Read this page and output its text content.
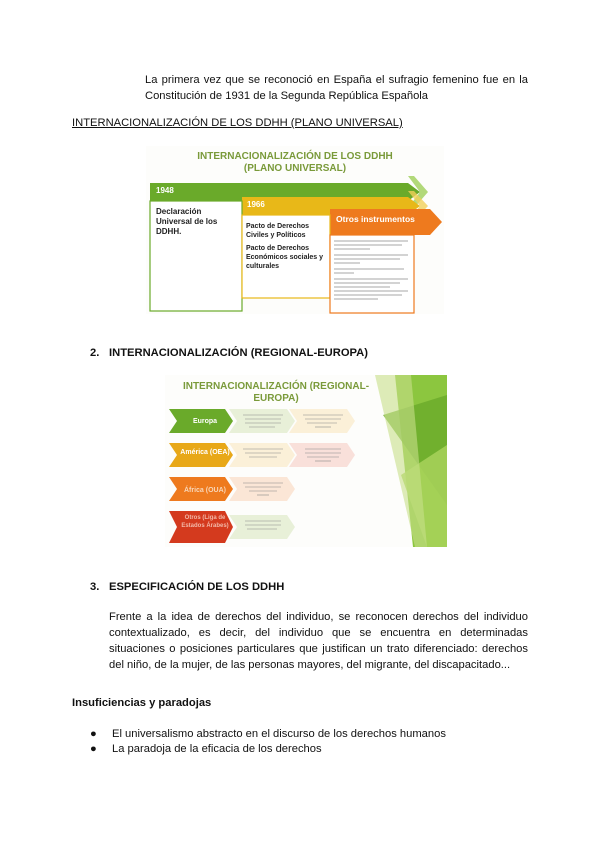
La primera vez que se reconoció en España el sufragio femenino fue en la Constitución de 1931 de la Segunda República Española
INTERNACIONALIZACIÓN DE LOS DDHH (PLANO UNIVERSAL)
INTERNACIONALIZACIÓN DE LOS DDHH
(PLANO UNIVERSAL)
1948
1966
Otros instrumentos
Declaración Universal de los DDHH.
Pacto de Derechos Civiles y Políticos
Pacto de Derechos Económicos sociales y culturales
2. INTERNACIONALIZACIÓN (REGIONAL-EUROPA)
INTERNACIONALIZACIÓN (REGIONAL-
EUROPA)
Europa
América (OEA)
África (OUA)
Otros (Liga de Estados Árabes)
3. ESPECIFICACIÓN DE LOS DDHH
Frente a la idea de derechos del individuo, se reconocen derechos del individuo contextualizado, es decir, del individuo que se encuentra en determinadas situaciones o posiciones particulares que justifican un trato diferenciado: derechos del niño, de la mujer, de las personas mayores, del migrante, del discapacitado...
Insuficiencias y paradojas
● El universalismo abstracto en el discurso de los derechos humanos
● La paradoja de la eficacia de los derechos
